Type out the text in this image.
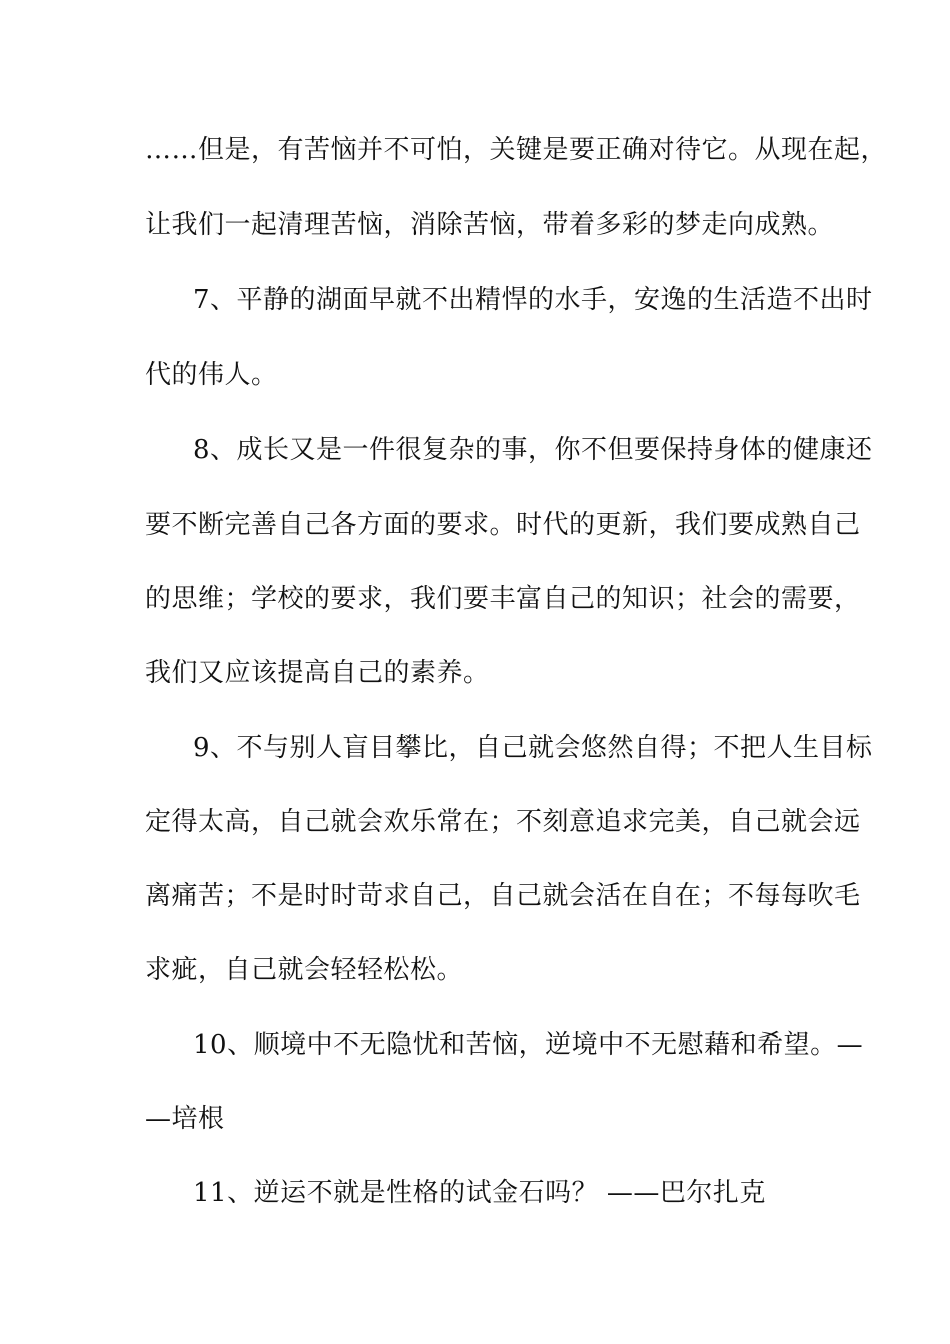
……但是，有苦恼并不可怕，关键是要正确对待它。从现在起，
让我们一起清理苦恼，消除苦恼，带着多彩的梦走向成熟。
7、平静的湖面早就不出精悍的水手，安逸的生活造不出时
代的伟人。
8、成长又是一件很复杂的事，你不但要保持身体的健康还
要不断完善自己各方面的要求。时代的更新，我们要成熟自己
的思维；学校的要求，我们要丰富自己的知识；社会的需要，
我们又应该提高自己的素养。
9、不与别人盲目攀比，自己就会悠然自得；不把人生目标
定得太高，自己就会欢乐常在；不刻意追求完美，自己就会远
离痛苦；不是时时苛求自己，自己就会活在自在；不每每吹毛
求疵，自己就会轻轻松松。
10、顺境中不无隐忧和苦恼，逆境中不无慰藉和希望。—
—培根
11、逆运不就是性格的试金石吗？ ——巴尔扎克
